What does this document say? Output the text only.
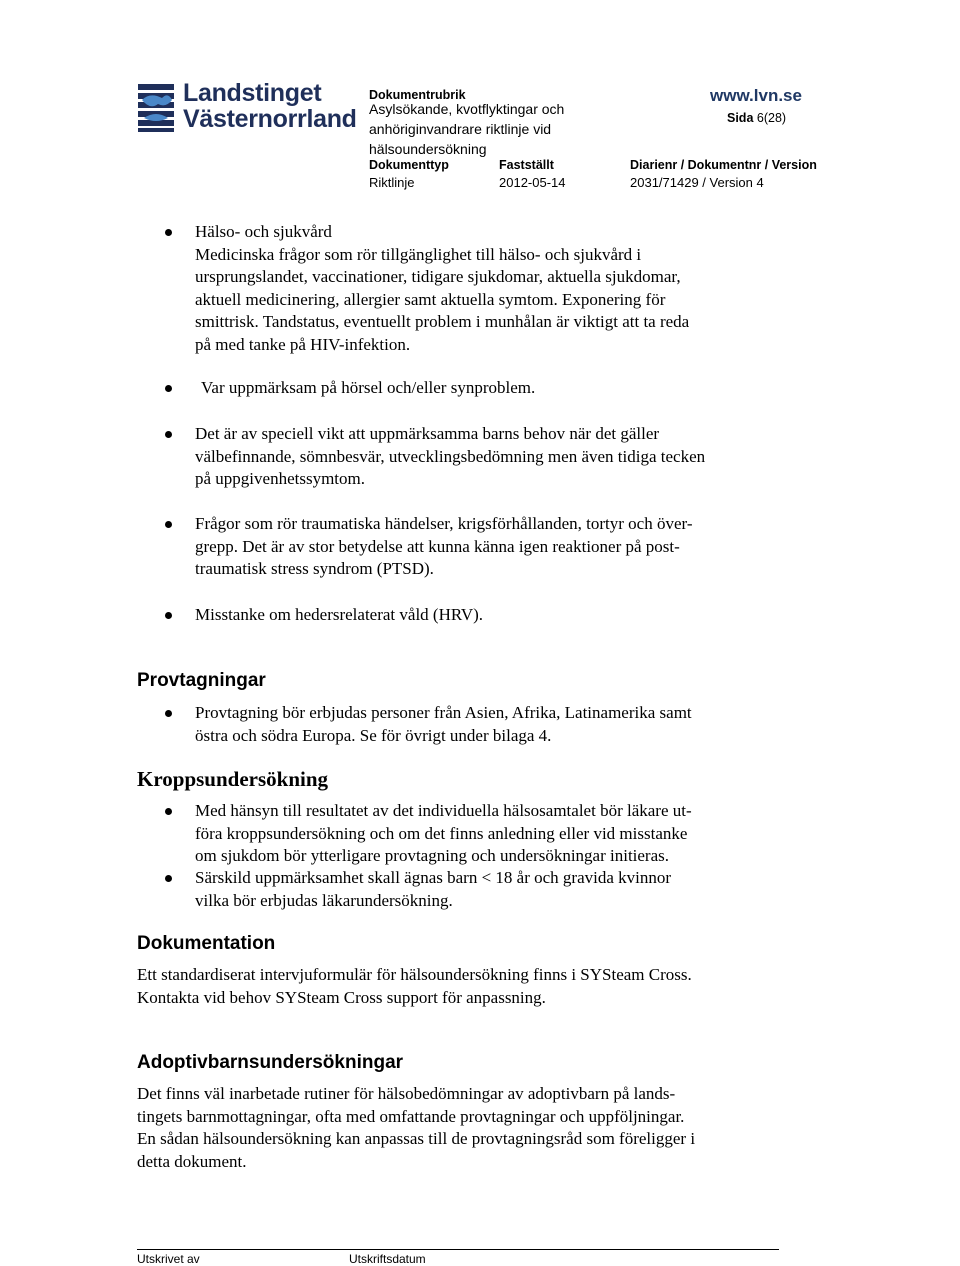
Landstinget
Västernorrland
Dokumentrubrik
Asylsökande, kvotflyktingar och
anhöriginvandrare riktlinje vid
hälsoundersökning
www.lvn.se
Sida 6(28)
Dokumenttyp
Riktlinje
Fastställt
2012-05-14
Diarienr / Dokumentnr / Version
2031/71429 / Version 4
Hälso- och sjukvård
Medicinska frågor som rör tillgänglighet till hälso- och sjukvård i
ursprungslandet, vaccinationer, tidigare sjukdomar, aktuella sjukdomar,
aktuell medicinering, allergier samt aktuella symtom. Exponering för
smittrisk. Tandstatus, eventuellt problem i munhålan är viktigt att ta reda
på med tanke på HIV-infektion.
Var uppmärksam på hörsel och/eller synproblem.
Det är av speciell vikt att uppmärksamma barns behov när det gäller
välbefinnande, sömnbesvär, utvecklingsbedömning men även tidiga tecken
på uppgivenhetssymtom.
Frågor som rör traumatiska händelser, krigsförhållanden, tortyr och över-
grepp. Det är av stor betydelse att kunna känna igen reaktioner på post-
traumatisk stress syndrom (PTSD).
Misstanke om hedersrelaterat våld (HRV).
Provtagningar
Provtagning bör erbjudas personer från Asien, Afrika, Latinamerika samt
östra och södra Europa. Se för övrigt under bilaga 4.
Kroppsundersökning
Med hänsyn till resultatet av det individuella hälsosamtalet bör läkare ut-
föra kroppsundersökning och om det finns anledning eller vid misstanke
om sjukdom bör ytterligare provtagning och undersökningar initieras.
Särskild uppmärksamhet skall ägnas barn < 18 år och gravida kvinnor
vilka bör erbjudas läkarundersökning.
Dokumentation
Ett standardiserat intervjuformulär för hälsoundersökning finns i SYSteam Cross.
Kontakta vid behov SYSteam Cross support för anpassning.
Adoptivbarnsundersökningar
Det finns väl inarbetade rutiner för hälsobedömningar av adoptivbarn på lands-
tingets barnmottagningar, ofta med omfattande provtagningar och uppföljningar.
En sådan hälsoundersökning kan anpassas till de provtagningsråd som föreligger i
detta dokument.
Utskrivet av	Utskriftsdatum
